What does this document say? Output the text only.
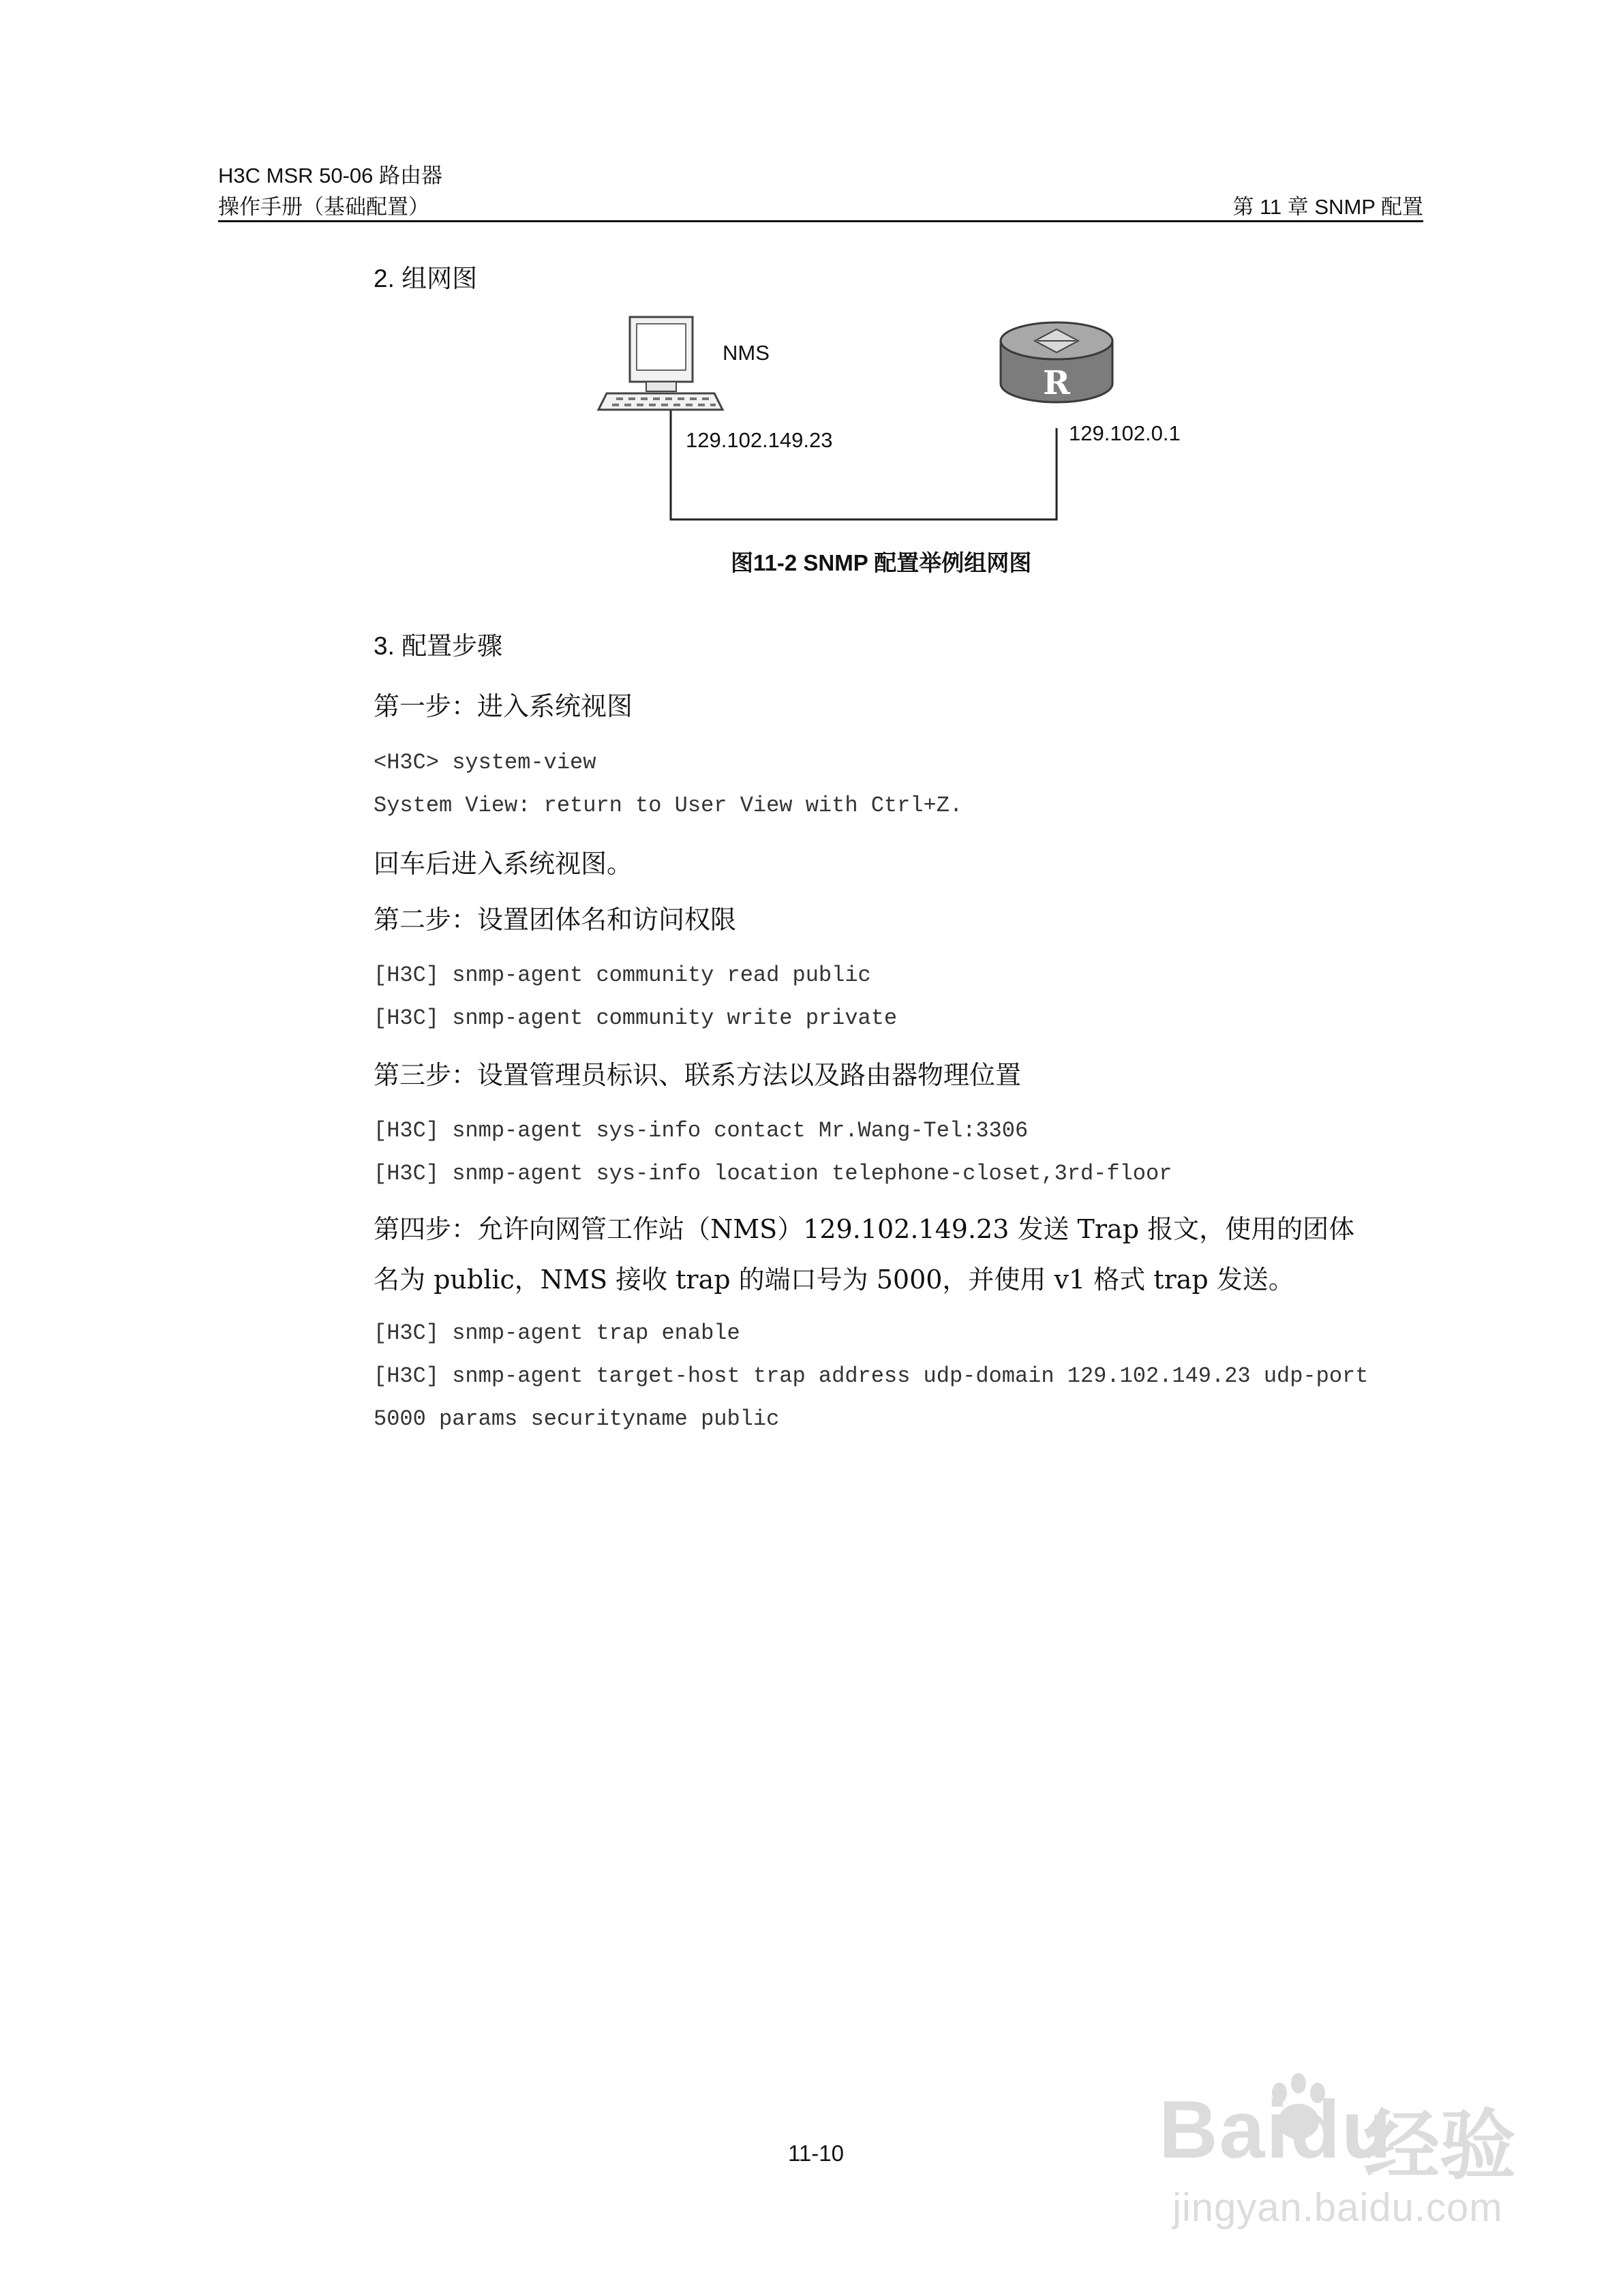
H3C MSR 50-06 路由器
操作手册（基础配置）	第 11 章 SNMP 配置
2. 组网图
R
NMS
129.102.149.23	129.102.0.1
图11-2 SNMP 配置举例组网图
3. 配置步骤
第一步：进入系统视图
<H3C> system-view
System View: return to User View with Ctrl+Z.
回车后进入系统视图。
第二步：设置团体名和访问权限
[H3C] snmp-agent community read public
[H3C] snmp-agent community write private
第三步：设置管理员标识、联系方法以及路由器物理位置
[H3C] snmp-agent sys-info contact Mr.Wang-Tel:3306
[H3C] snmp-agent sys-info location telephone-closet,3rd-floor
第四步：允许向网管工作站（NMS）129.102.149.23 发送 Trap 报文，使用的团体
名为 public，NMS 接收 trap 的端口号为 5000，并使用 v1 格式 trap 发送。
[H3C] snmp-agent trap enable
[H3C] snmp-agent target-host trap address udp-domain 129.102.149.23 udp-port
5000 params securityname public
11-10	Baidu
经验
jingyan.baidu.com
